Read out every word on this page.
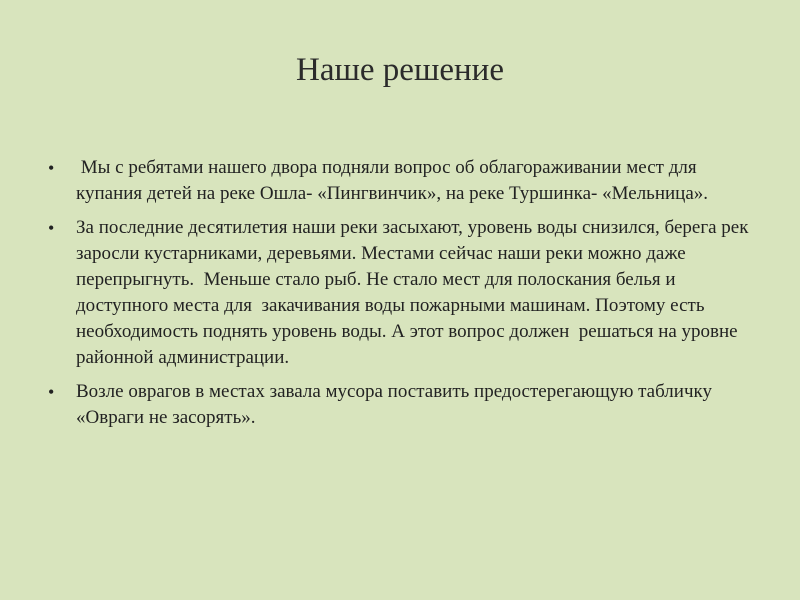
Наше решение
• Мы с ребятами нашего двора подняли вопрос об облагораживании мест для купания детей на реке Ошла- «Пингвинчик», на реке Туршинка- «Мельница».
• За последние десятилетия наши реки засыхают, уровень воды снизился, берега рек заросли кустарниками, деревьями. Местами сейчас наши реки можно даже перепрыгнуть.  Меньше стало рыб. Не стало мест для полоскания белья и доступного места для  закачивания воды пожарными машинам. Поэтому есть необходимость поднять уровень воды. А этот вопрос должен  решаться на уровне районной администрации.
• Возле оврагов в местах завала мусора поставить предостерегающую табличку «Овраги не засорять».
